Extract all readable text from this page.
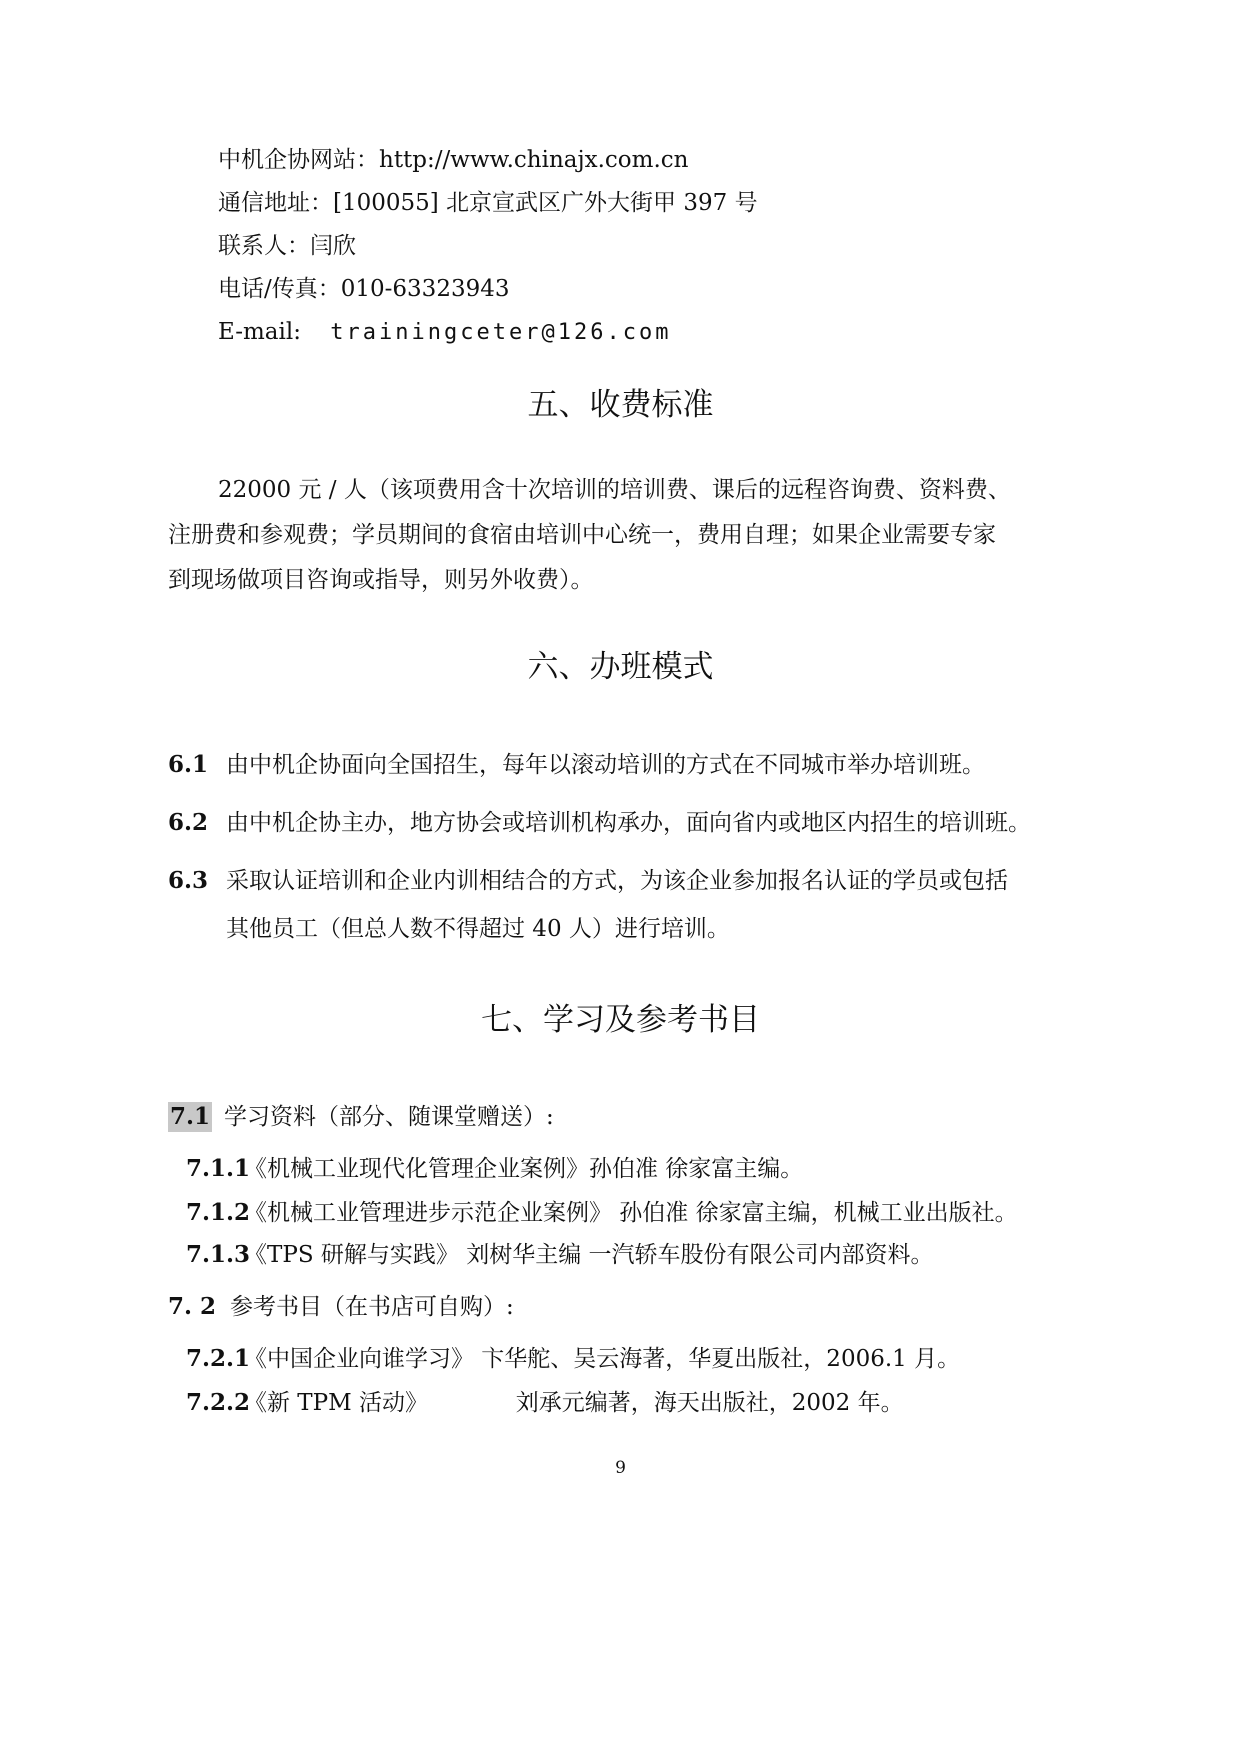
中机企协网站：http://www.chinajx.com.cn
通信地址：[100055] 北京宣武区广外大街甲 397 号
联系人：闫欣
电话/传真：010-63323943
E-mail: trainingceter@126.com
五、收费标准
22000 元 / 人（该项费用含十次培训的培训费、课后的远程咨询费、资料费、
注册费和参观费；学员期间的食宿由培训中心统一，费用自理；如果企业需要专家
到现场做项目咨询或指导，则另外收费）。
六、办班模式
6.1 由中机企协面向全国招生，每年以滚动培训的方式在不同城市举办培训班。
6.2 由中机企协主办，地方协会或培训机构承办，面向省内或地区内招生的培训班。
6.3 采取认证培训和企业内训相结合的方式，为该企业参加报名认证的学员或包括
其他员工（但总人数不得超过 40 人）进行培训。
七、学习及参考书目
7.1 学习资料（部分、随课堂赠送）:
7.1.1《机械工业现代化管理企业案例》孙伯准 徐家富主编。
7.1.2《机械工业管理进步示范企业案例》 孙伯准 徐家富主编，机械工业出版社。
7.1.3《TPS 研解与实践》 刘树华主编 一汽轿车股份有限公司内部资料。
7. 2 参考书目（在书店可自购）:
7.2.1《中国企业向谁学习》 卞华舵、吴云海著，华夏出版社，2006.1 月。
7.2.2《新 TPM 活动》            刘承元编著，海天出版社，2002 年。
9
